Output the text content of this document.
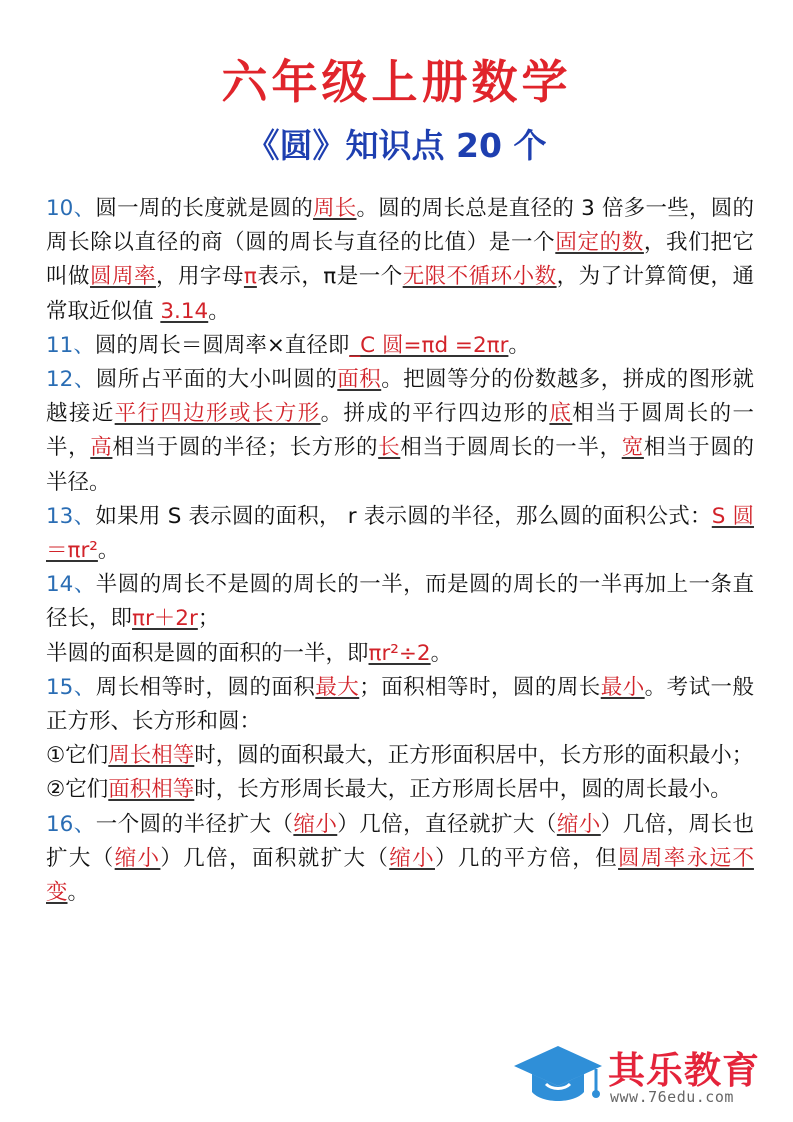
六年级上册数学
《圆》知识点 20 个

10、圆一周的长度就是圆的周长。圆的周长总是直径的 3 倍多一些，圆的周长除以直径的商（圆的周长与直径的比值）是一个固定的数，我们把它叫做圆周率，用字母π表示，π是一个无限不循环小数，为了计算简便，通常取近似值 3.14。

11、圆的周长＝圆周率×直径即_C 圆=πd =2πr。

12、圆所占平面的大小叫圆的面积。把圆等分的份数越多，拼成的图形就越接近平行四边形或长方形。拼成的平行四边形的底相当于圆周长的一半，高相当于圆的半径；长方形的长相当于圆周长的一半，宽相当于圆的半径。

13、如果用 S 表示圆的面积， r 表示圆的半径，那么圆的面积公式：S 圆＝πr²。

14、半圆的周长不是圆的周长的一半，而是圆的周长的一半再加上一条直径长，即πr＋2r；

半圆的面积是圆的面积的一半，即πr²÷2。

15、周长相等时，圆的面积最大；面积相等时，圆的周长最小。考试一般正方形、长方形和圆：

①它们周长相等时，圆的面积最大，正方形面积居中，长方形的面积最小；

②它们面积相等时，长方形周长最大，正方形周长居中，圆的周长最小。

16、一个圆的半径扩大（缩小）几倍，直径就扩大（缩小）几倍，周长也扩大（缩小）几倍，面积就扩大（缩小）几的平方倍，但圆周率永远不变。

其乐教育
www.76edu.com
